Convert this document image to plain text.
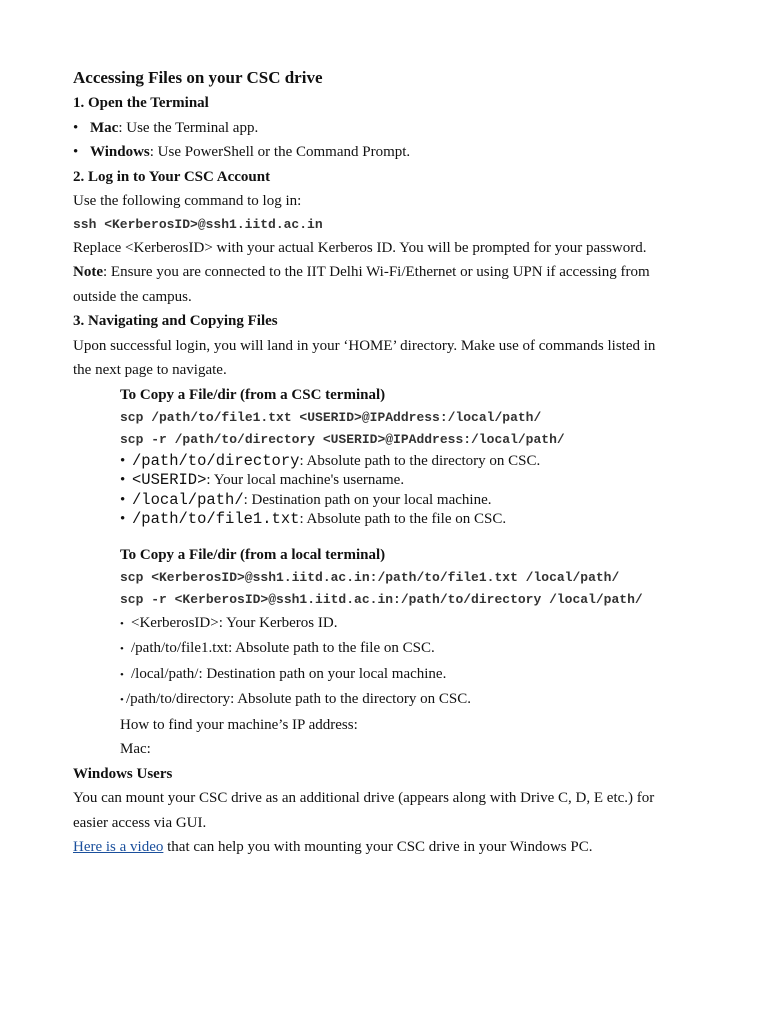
Accessing Files on your CSC drive
1. Open the Terminal
• Mac: Use the Terminal app.
• Windows: Use PowerShell or the Command Prompt.
2. Log in to Your CSC Account
Use the following command to log in:
ssh <KerberosID>@ssh1.iitd.ac.in
Replace <KerberosID> with your actual Kerberos ID. You will be prompted for your password.
Note: Ensure you are connected to the IIT Delhi Wi-Fi/Ethernet or using UPN if accessing from
outside the campus.
3. Navigating and Copying Files
Upon successful login, you will land in your ‘HOME’ directory. Make use of commands listed in
the next page to navigate.
To Copy a File/dir (from a CSC terminal)
scp /path/to/file1.txt <USERID>@IPAddress:/local/path/
scp -r /path/to/directory <USERID>@IPAddress:/local/path/
• /path/to/directory: Absolute path to the directory on CSC.
• <USERID>: Your local machine's username.
• /local/path/: Destination path on your local machine.
• /path/to/file1.txt: Absolute path to the file on CSC.
To Copy a File/dir (from a local terminal)
scp <KerberosID>@ssh1.iitd.ac.in:/path/to/file1.txt /local/path/
scp -r <KerberosID>@ssh1.iitd.ac.in:/path/to/directory /local/path/
• <KerberosID>: Your Kerberos ID.
• /path/to/file1.txt: Absolute path to the file on CSC.
• /local/path/: Destination path on your local machine.
• /path/to/directory: Absolute path to the directory on CSC.
How to find your machine’s IP address:
Mac:
Windows Users
You can mount your CSC drive as an additional drive (appears along with Drive C, D, E etc.) for
easier access via GUI.
Here is a video that can help you with mounting your CSC drive in your Windows PC.
